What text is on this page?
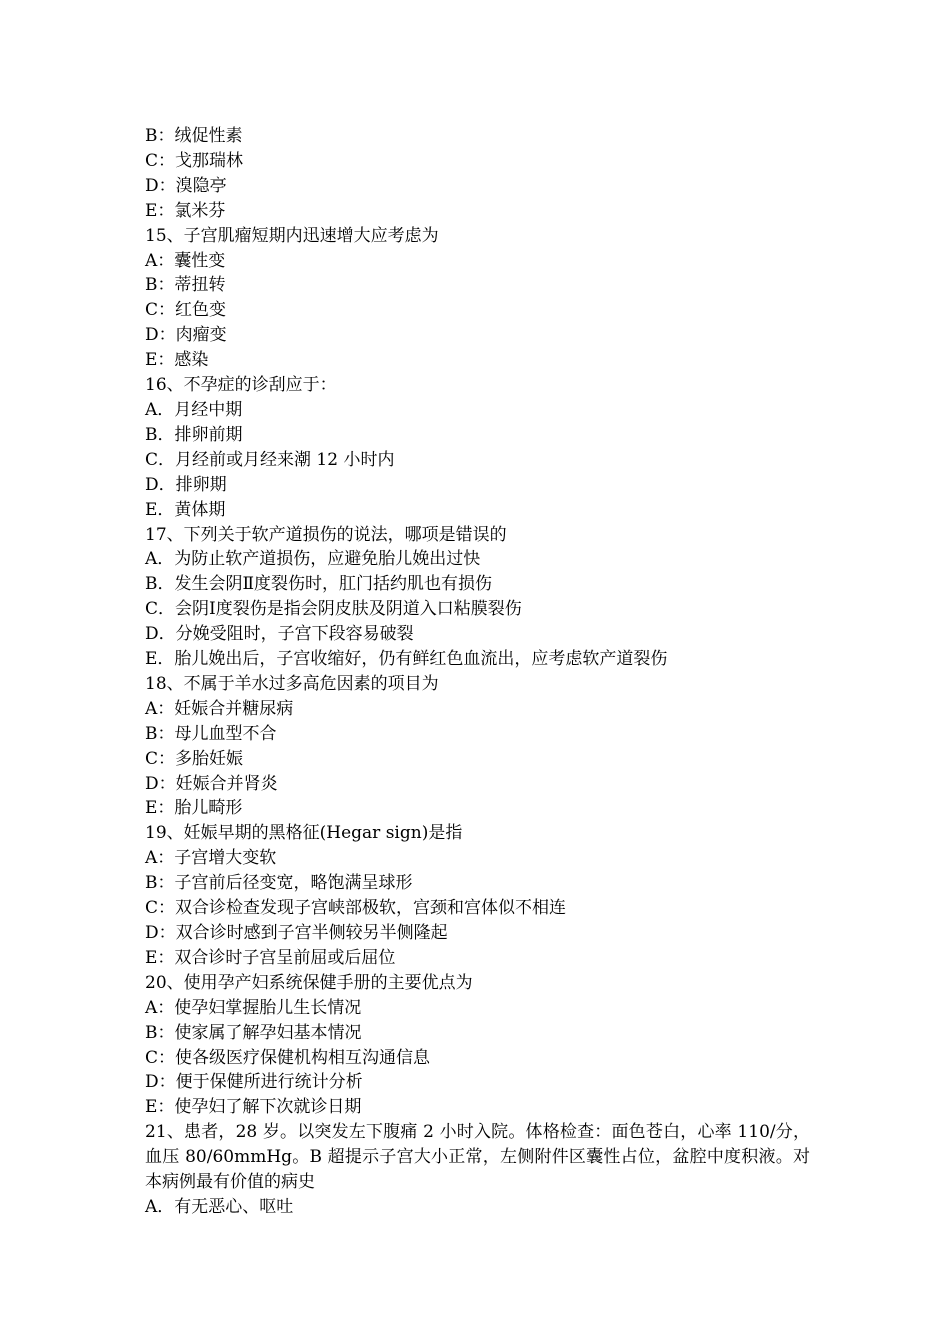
B：绒促性素
C：戈那瑞林
D：溴隐亭
E：氯米芬
15、子宫肌瘤短期内迅速增大应考虑为
A：囊性变
B：蒂扭转
C：红色变
D：肉瘤变
E：感染
16、不孕症的诊刮应于：
A．月经中期
B．排卵前期
C．月经前或月经来潮 12 小时内
D．排卵期
E．黄体期
17、下列关于软产道损伤的说法，哪项是错误的
A．为防止软产道损伤，应避免胎儿娩出过快
B．发生会阴Ⅱ度裂伤时，肛门括约肌也有损伤
C．会阴Ⅰ度裂伤是指会阴皮肤及阴道入口粘膜裂伤
D．分娩受阻时，子宫下段容易破裂
E．胎儿娩出后，子宫收缩好，仍有鲜红色血流出，应考虑软产道裂伤
18、不属于羊水过多高危因素的项目为
A：妊娠合并糖尿病
B：母儿血型不合
C：多胎妊娠
D：妊娠合并肾炎
E：胎儿畸形
19、妊娠早期的黑格征(Hegar sign)是指
A：子宫增大变软
B：子宫前后径变宽，略饱满呈球形
C：双合诊检查发现子宫峡部极软，宫颈和宫体似不相连
D：双合诊时感到子宫半侧较另半侧隆起
E：双合诊时子宫呈前屈或后屈位
20、使用孕产妇系统保健手册的主要优点为
A：使孕妇掌握胎儿生长情况
B：使家属了解孕妇基本情况
C：使各级医疗保健机构相互沟通信息
D：便于保健所进行统计分析
E：使孕妇了解下次就诊日期
21、患者，28 岁。以突发左下腹痛 2 小时入院。体格检查：面色苍白，心率 110/分，血压 80/60mmHg。B 超提示子宫大小正常，左侧附件区囊性占位，盆腔中度积液。对本病例最有价值的病史
A．有无恶心、呕吐
